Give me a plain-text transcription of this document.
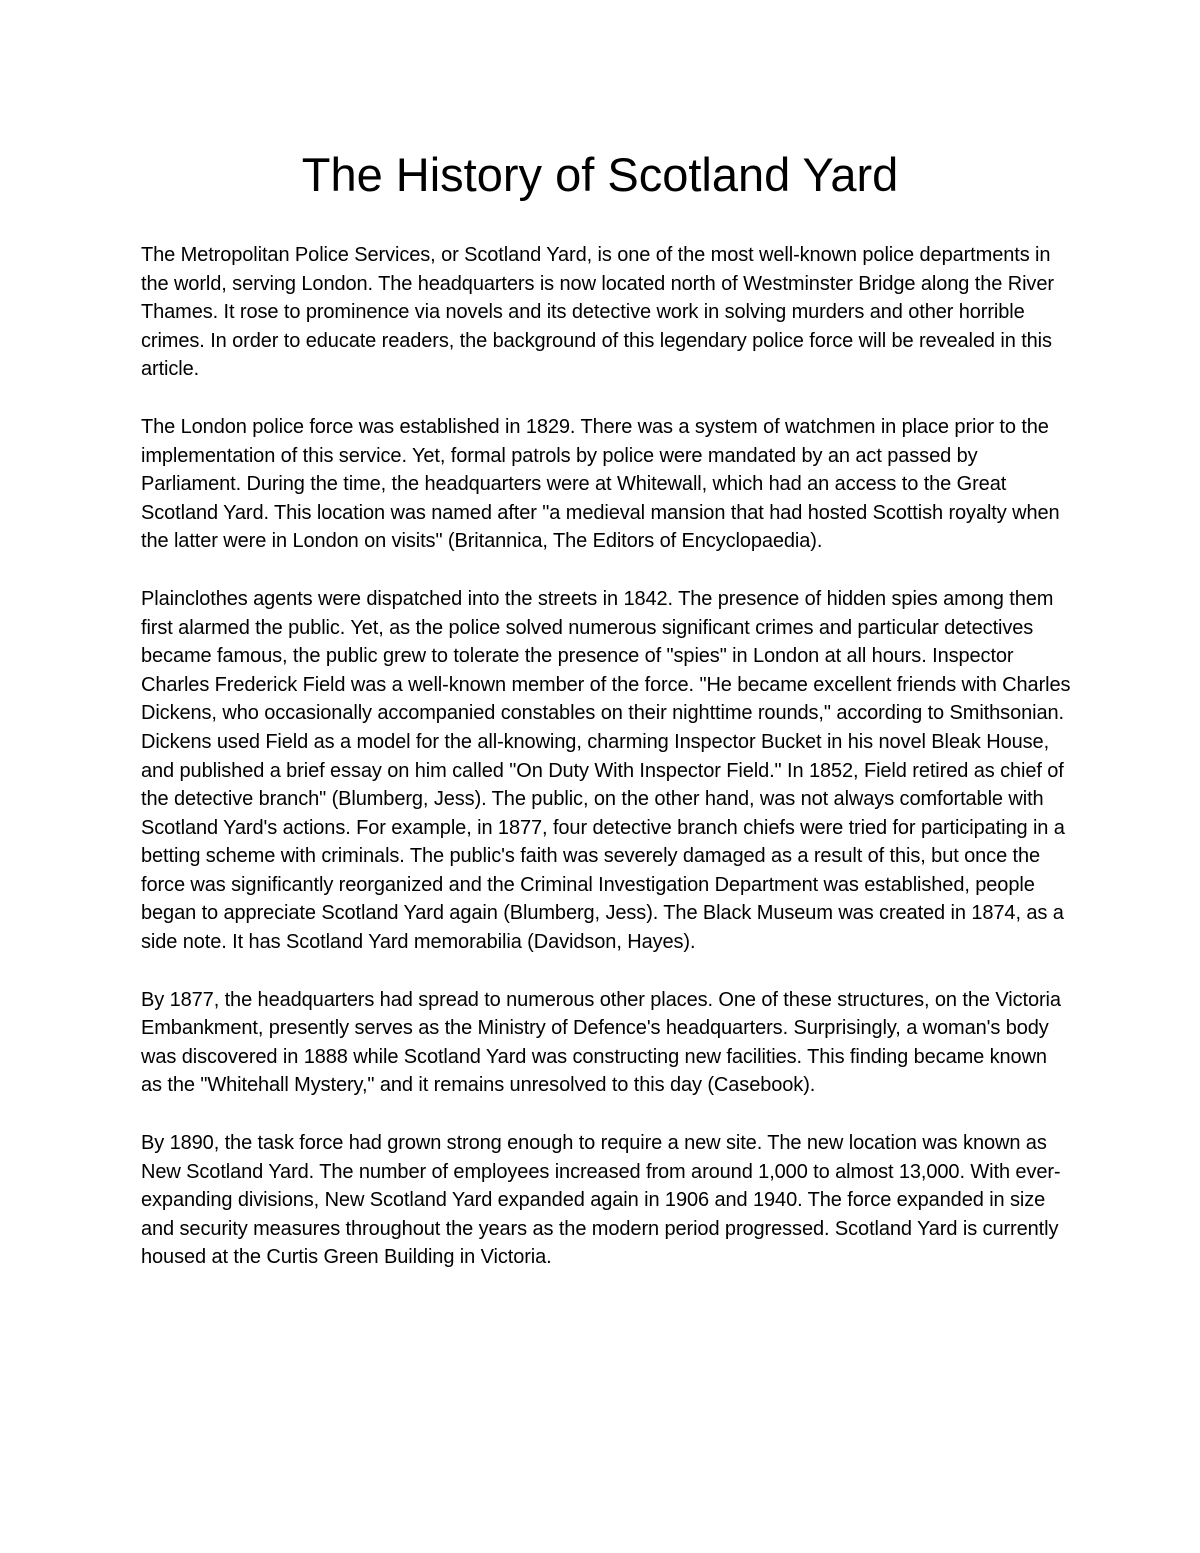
The History of Scotland Yard

The Metropolitan Police Services, or Scotland Yard, is one of the most well-known police departments in the world, serving London. The headquarters is now located north of Westminster Bridge along the River Thames. It rose to prominence via novels and its detective work in solving murders and other horrible crimes. In order to educate readers, the background of this legendary police force will be revealed in this article.

The London police force was established in 1829. There was a system of watchmen in place prior to the implementation of this service. Yet, formal patrols by police were mandated by an act passed by Parliament. During the time, the headquarters were at Whitewall, which had an access to the Great Scotland Yard. This location was named after "a medieval mansion that had hosted Scottish royalty when the latter were in London on visits" (Britannica, The Editors of Encyclopaedia).

Plainclothes agents were dispatched into the streets in 1842. The presence of hidden spies among them first alarmed the public. Yet, as the police solved numerous significant crimes and particular detectives became famous, the public grew to tolerate the presence of "spies" in London at all hours. Inspector Charles Frederick Field was a well-known member of the force. "He became excellent friends with Charles Dickens, who occasionally accompanied constables on their nighttime rounds," according to Smithsonian. Dickens used Field as a model for the all-knowing, charming Inspector Bucket in his novel Bleak House, and published a brief essay on him called "On Duty With Inspector Field." In 1852, Field retired as chief of the detective branch" (Blumberg, Jess). The public, on the other hand, was not always comfortable with Scotland Yard's actions. For example, in 1877, four detective branch chiefs were tried for participating in a betting scheme with criminals. The public's faith was severely damaged as a result of this, but once the force was significantly reorganized and the Criminal Investigation Department was established, people began to appreciate Scotland Yard again (Blumberg, Jess). The Black Museum was created in 1874, as a side note. It has Scotland Yard memorabilia (Davidson, Hayes).

By 1877, the headquarters had spread to numerous other places. One of these structures, on the Victoria Embankment, presently serves as the Ministry of Defence's headquarters. Surprisingly, a woman's body was discovered in 1888 while Scotland Yard was constructing new facilities. This finding became known as the "Whitehall Mystery," and it remains unresolved to this day (Casebook).

By 1890, the task force had grown strong enough to require a new site. The new location was known as New Scotland Yard. The number of employees increased from around 1,000 to almost 13,000. With ever-expanding divisions, New Scotland Yard expanded again in 1906 and 1940. The force expanded in size and security measures throughout the years as the modern period progressed. Scotland Yard is currently housed at the Curtis Green Building in Victoria.
